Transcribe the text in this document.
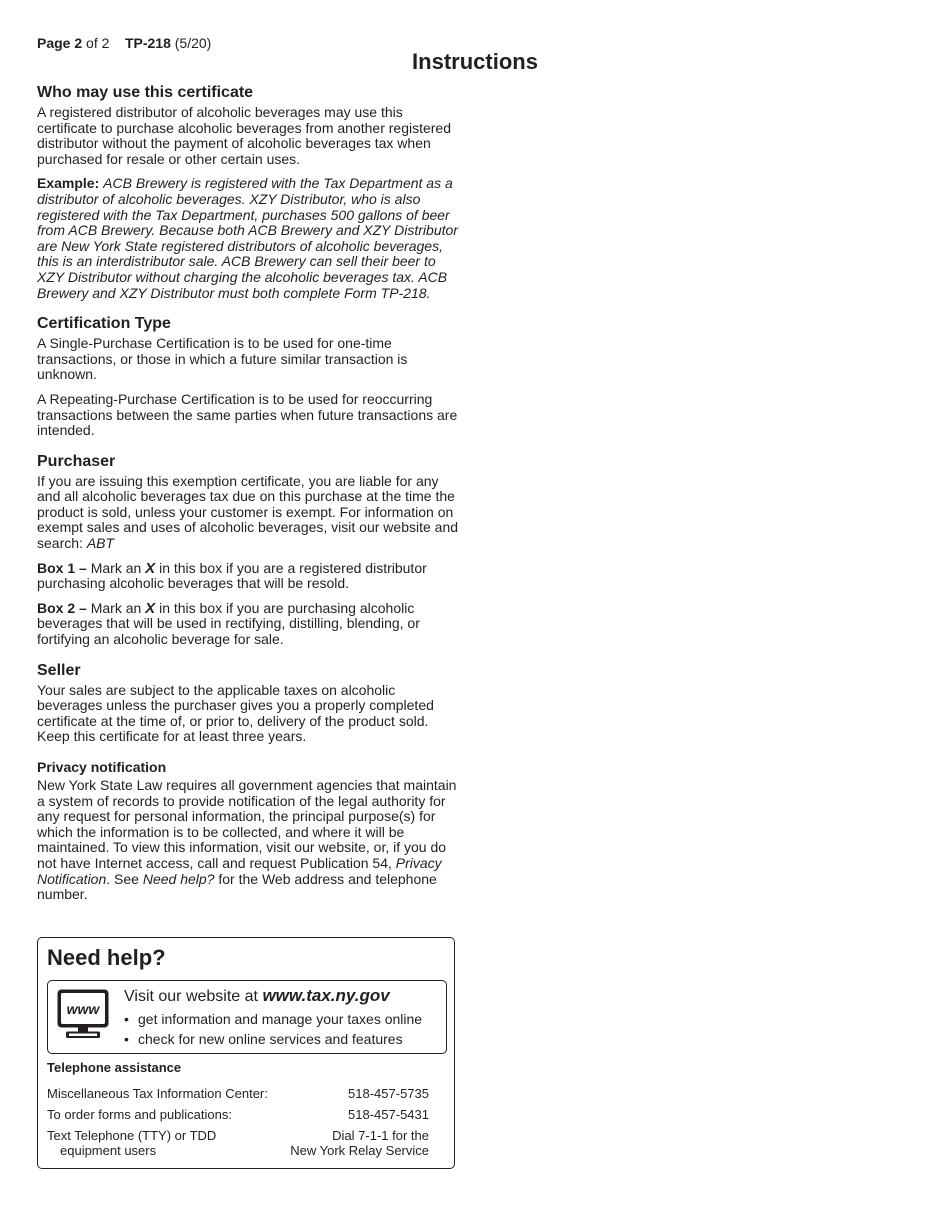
Page 2 of 2 TP-218 (5/20)
Instructions
Who may use this certificate

A registered distributor of alcoholic beverages may use this certificate to purchase alcoholic beverages from another registered distributor without the payment of alcoholic beverages tax when purchased for resale or other certain uses.

Example: ACB Brewery is registered with the Tax Department as a distributor of alcoholic beverages. XZY Distributor, who is also registered with the Tax Department, purchases 500 gallons of beer from ACB Brewery. Because both ACB Brewery and XZY Distributor are New York State registered distributors of alcoholic beverages, this is an interdistributor sale. ACB Brewery can sell their beer to XZY Distributor without charging the alcoholic beverages tax. ACB Brewery and XZY Distributor must both complete Form TP-218.

Certification Type

A Single-Purchase Certification is to be used for one-time transactions, or those in which a future similar transaction is unknown.

A Repeating-Purchase Certification is to be used for reoccurring transactions between the same parties when future transactions are intended.

Purchaser

If you are issuing this exemption certificate, you are liable for any and all alcoholic beverages tax due on this purchase at the time the product is sold, unless your customer is exempt. For information on exempt sales and uses of alcoholic beverages, visit our website and search: ABT

Box 1 – Mark an X in this box if you are a registered distributor purchasing alcoholic beverages that will be resold.

Box 2 – Mark an X in this box if you are purchasing alcoholic beverages that will be used in rectifying, distilling, blending, or fortifying an alcoholic beverage for sale.

Seller

Your sales are subject to the applicable taxes on alcoholic beverages unless the purchaser gives you a properly completed certificate at the time of, or prior to, delivery of the product sold. Keep this certificate for at least three years.

Privacy notification

New York State Law requires all government agencies that maintain a system of records to provide notification of the legal authority for any request for personal information, the principal purpose(s) for which the information is to be collected, and where it will be maintained. To view this information, visit our website, or, if you do not have Internet access, call and request Publication 54, Privacy Notification. See Need help? for the Web address and telephone number.

Need help?
www
Visit our website at www.tax.ny.gov
• get information and manage your taxes online
• check for new online services and features
Telephone assistance
Miscellaneous Tax Information Center:	518-457-5735
To order forms and publications:	518-457-5431
Text Telephone (TTY) or TDD
equipment users
Dial 7-1-1 for the
New York Relay Service
